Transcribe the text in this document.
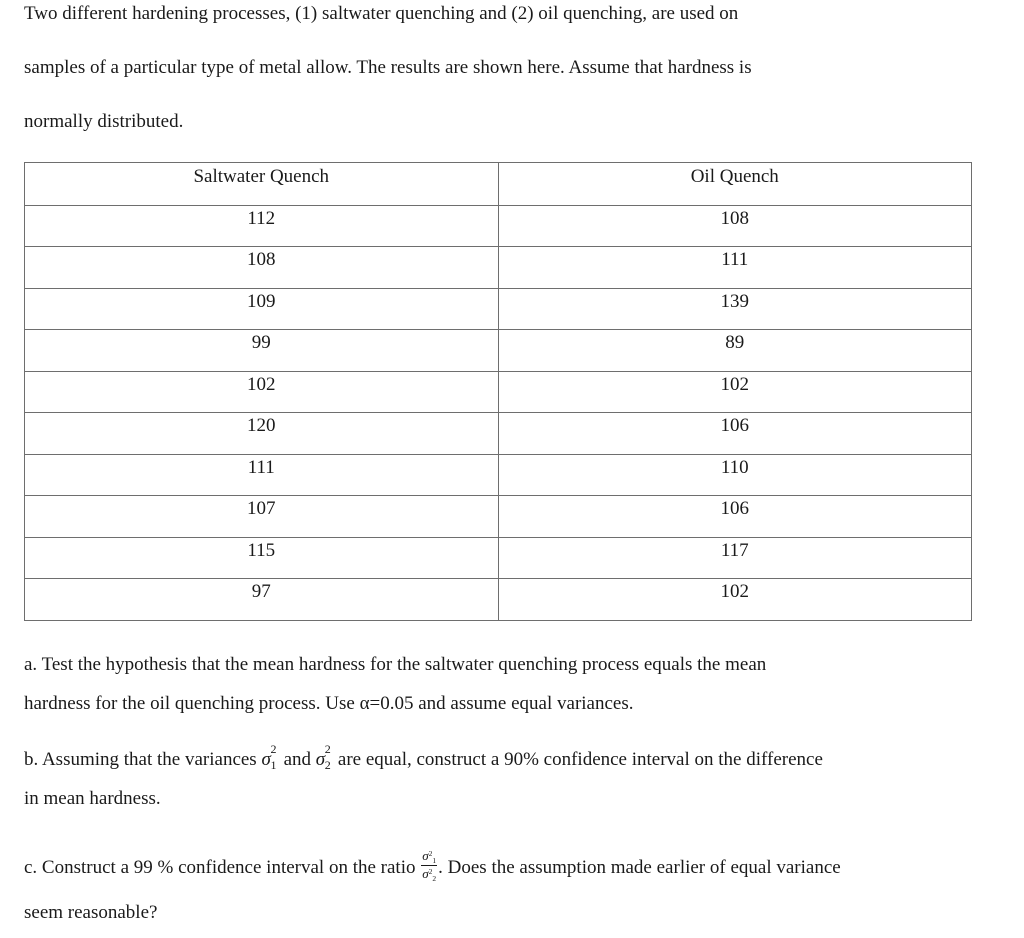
Two different hardening processes, (1) saltwater quenching and (2) oil quenching, are used on
samples of a particular type of metal allow. The results are shown here. Assume that hardness is
normally distributed.
Saltwater Quench	Oil Quench
112	108
108	111
109	139
99	89
102	102
120	106
111	110
107	106
115	117
97	102
a. Test the hypothesis that the mean hardness for the saltwater quenching process equals the mean
hardness for the oil quenching process. Use α=0.05 and assume equal variances.
b. Assuming that the variances σ 2
1 and σ 2
2 are equal, construct a 90% confidence interval on the difference
in mean hardness.
c. Construct a 99 % confidence interval on the ratio $\frac{\sigma^2_1}{\sigma^2_2}$ . Does the assumption made earlier of equal variance
seem reasonable?
